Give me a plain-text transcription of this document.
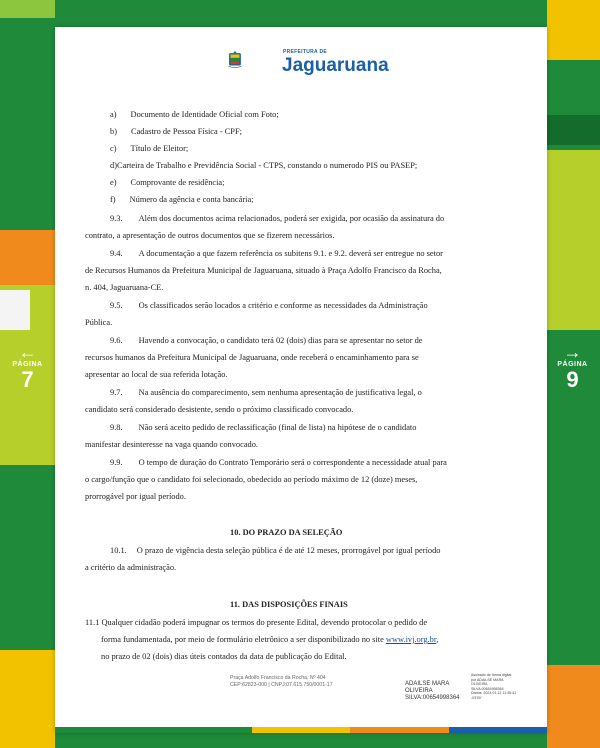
←
PÁGINA
7
→
PÁGINA
9
PREFEITURA DE
Jaguaruana
a) Documento de Identidade Oficial com Foto;
b) Cadastro de Pessoa Física - CPF;
c) Título de Eleitor;
d)Carteira de Trabalho e Previdência Social - CTPS, constando o numerodo PIS ou PASEP;
e) Comprovante de residência;
f) Número da agência e conta bancária;
9.3. Além dos documentos acima relacionados, poderá ser exigida, por ocasião da assinatura do
contrato, a apresentação de outros documentos que se fizerem necessários.
9.4. A documentação a que fazem referência os subitens 9.1. e 9.2. deverá ser entregue no setor
de Recursos Humanos da Prefeitura Municipal de Jaguaruana, situado à Praça Adolfo Francisco da Rocha,
n. 404, Jaguaruana-CE.
9.5. Os classificados serão locados a critério e conforme as necessidades da Administração
Pública.
9.6. Havendo a convocação, o candidato terá 02 (dois) dias para se apresentar no setor de
recursos humanos da Prefeitura Municipal de Jaguaruana, onde receberá o encaminhamento para se
apresentar ao local de sua referida lotação.
9.7. Na ausência do comparecimento, sem nenhuma apresentação de justificativa legal, o
candidato será considerado desistente, sendo o próximo classificado convocado.
9.8. Não será aceito pedido de reclassificação (final de lista) na hipótese de o candidato
manifestar desinteresse na vaga quando convocado.
9.9. O tempo de duração do Contrato Temporário será o correspondente a necessidade atual para
o cargo/função que o candidato foi selecionado, obedecido ao período máximo de 12 (doze) meses,
prorrogável por igual período.
10. DO PRAZO DA SELEÇÃO
10.1. O prazo de vigência desta seleção pública é de até 12 meses, prorrogável por igual período
a critério da administração.
11. DAS DISPOSIÇÕES FINAIS
11.1 Qualquer cidadão poderá impugnar os termos do presente Edital, devendo protocolar o pedido de
forma fundamentada, por meio de formulário eletrônico a ser disponibilizado no site www.ivj.org.br,
no prazo de 02 (dois) dias úteis contados da data de publicação do Edital.
Praça Adolfo Francisco da Rocha, Nº 404
CEP:62823-000 | CNPJ:07.615.750/0001-17	ADAILSE MARA
OLIVEIRA
SILVA:00654998364
Assinado de forma digital
por ADAILSE MARA
OLIVEIRA
SILVA:00654998364
Dados: 2023.01.12 11:35:41
-03'00'
